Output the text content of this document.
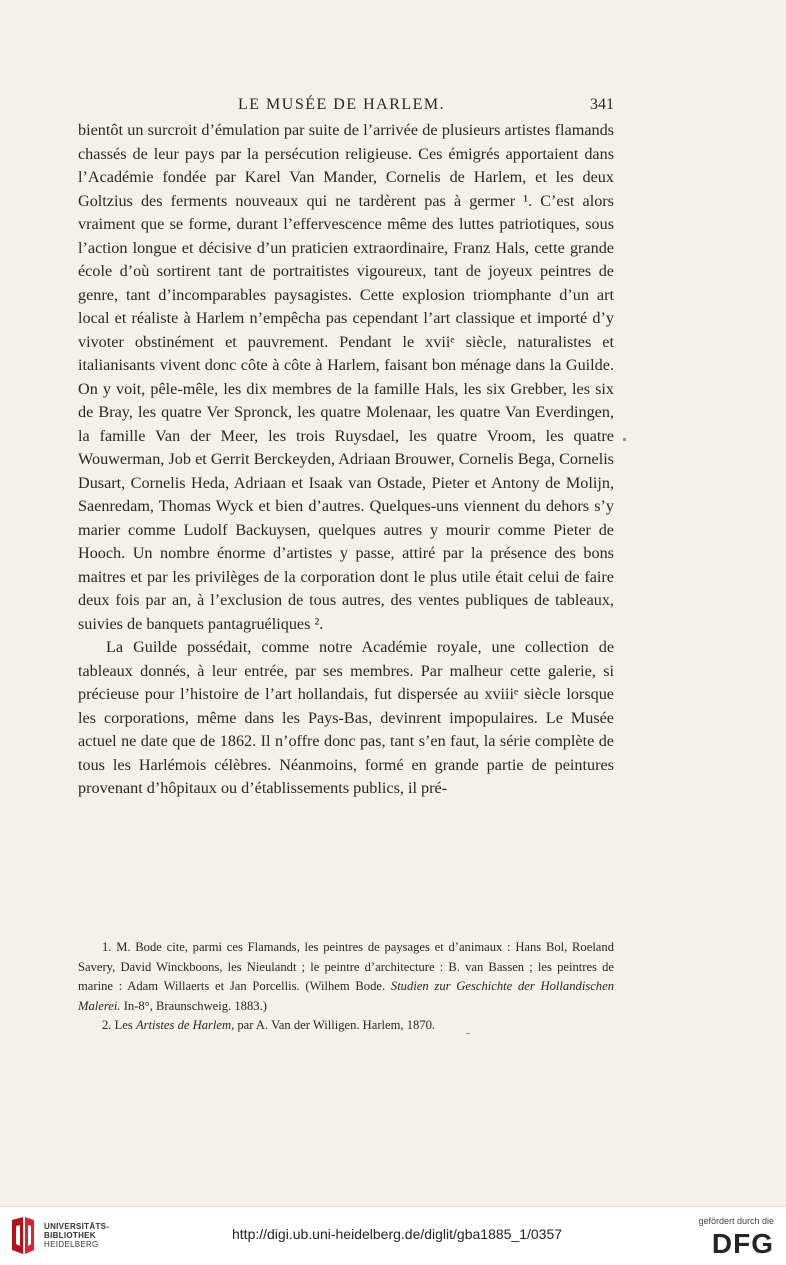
LE MUSÉE DE HARLEM.	341

bientôt un surcroit d’émulation par suite de l’arrivée de plusieurs artistes flamands chassés de leur pays par la persécution religieuse. Ces émigrés apportaient dans l’Académie fondée par Karel Van Mander, Cornelis de Harlem, et les deux Goltzius des ferments nouveaux qui ne tardèrent pas à germer ¹. C’est alors vraiment que se forme, durant l’effervescence même des luttes patriotiques, sous l’action longue et décisive d’un praticien extraordinaire, Franz Hals, cette grande école d’où sortirent tant de portraitistes vigoureux, tant de joyeux peintres de genre, tant d’incomparables paysagistes. Cette explosion triomphante d’un art local et réaliste à Harlem n’empêcha pas cependant l’art classique et importé d’y vivoter obstinément et pauvrement. Pendant le xviiᵉ siècle, naturalistes et italianisants vivent donc côte à côte à Harlem, faisant bon ménage dans la Guilde. On y voit, pêle-mêle, les dix membres de la famille Hals, les six Grebber, les six de Bray, les quatre Ver Spronck, les quatre Molenaar, les quatre Van Everdingen, la famille Van der Meer, les trois Ruysdael, les quatre Vroom, les quatre Wouwerman, Job et Gerrit Berckeyden, Adriaan Brouwer, Cornelis Bega, Cornelis Dusart, Cornelis Heda, Adriaan et Isaak van Ostade, Pieter et Antony de Molijn, Saenredam, Thomas Wyck et bien d’autres. Quelques-uns viennent du dehors s’y marier comme Ludolf Backuysen, quelques autres y mourir comme Pieter de Hooch. Un nombre énorme d’artistes y passe, attiré par la présence des bons maitres et par les privilèges de la corporation dont le plus utile était celui de faire deux fois par an, à l’exclusion de tous autres, des ventes publiques de tableaux, suivies de banquets pantagruéliques ².

La Guilde possédait, comme notre Académie royale, une collection de tableaux donnés, à leur entrée, par ses membres. Par malheur cette galerie, si précieuse pour l’histoire de l’art hollandais, fut dispersée au xviiiᵉ siècle lorsque les corporations, même dans les Pays-Bas, devinrent impopulaires. Le Musée actuel ne date que de 1862. Il n’offre donc pas, tant s’en faut, la série complète de tous les Harlémois célèbres. Néanmoins, formé en grande partie de peintures provenant d’hôpitaux ou d’établissements publics, il pré-

1. M. Bode cite, parmi ces Flamands, les peintres de paysages et d’animaux : Hans Bol, Roeland Savery, David Winckboons, les Nieulandt ; le peintre d’architecture : B. van Bassen ; les peintres de marine : Adam Willaerts et Jan Porcellis. (Wilhem Bode. Studien zur Geschichte der Hollandischen Malerei. In-8°, Braunschweig. 1883.)

2. Les Artistes de Harlem, par A. Van der Willigen. Harlem, 1870.

UNIVERSITÄTS-
BIBLIOTHEK
HEIDELBERG
http://digi.ub.uni-heidelberg.de/diglit/gba1885_1/0357
gefördert durch die
DFG
